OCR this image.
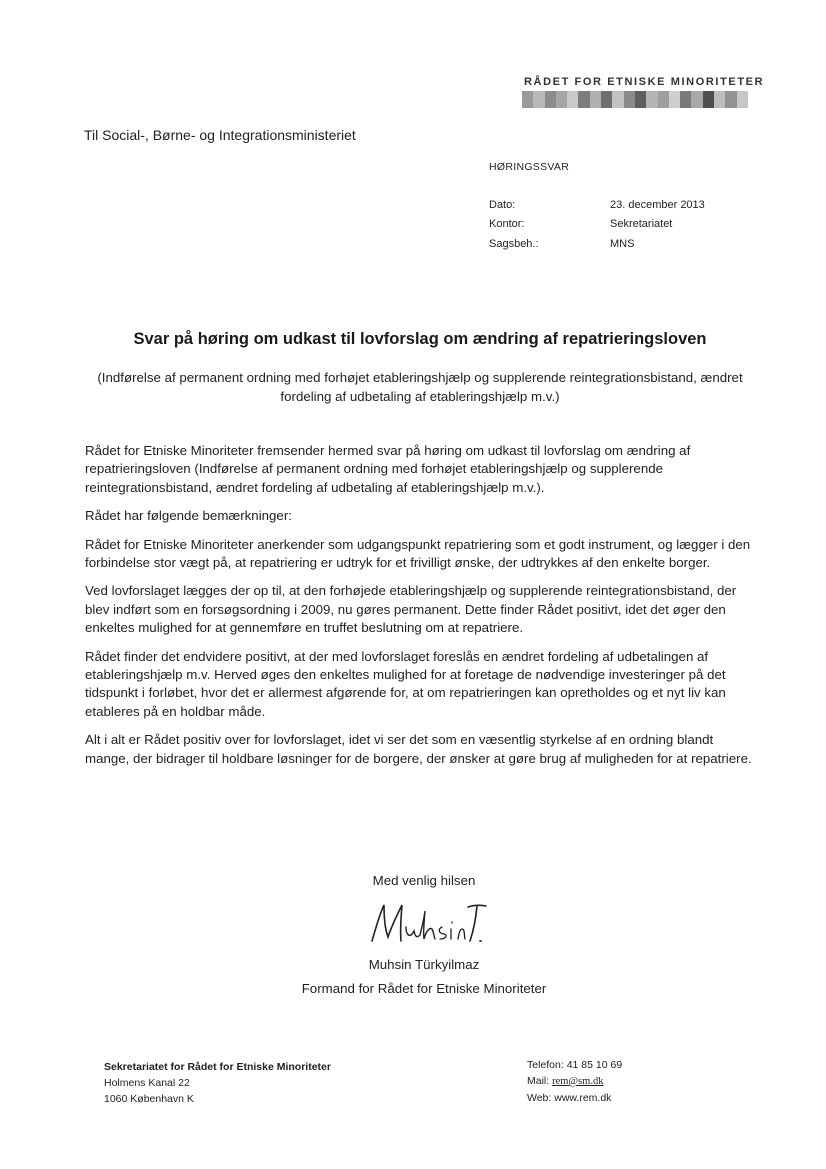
RÅDET FOR ETNISKE MINORITETER
Til Social-, Børne- og Integrationsministeriet
HØRINGSSVAR
Dato:	23. december 2013
Kontor:	Sekretariatet
Sagsbeh.:	MNS
Svar på høring om udkast til lovforslag om ændring af repatrieringsloven
(Indførelse af permanent ordning med forhøjet etableringshjælp og supplerende reintegrationsbistand, ændret fordeling af udbetaling af etableringshjælp m.v.)

Rådet for Etniske Minoriteter fremsender hermed svar på høring om udkast til lovforslag om ændring af repatrieringsloven (Indførelse af permanent ordning med forhøjet etableringshjælp og supplerende reintegrationsbistand, ændret fordeling af udbetaling af etableringshjælp m.v.).

Rådet har følgende bemærkninger:

Rådet for Etniske Minoriteter anerkender som udgangspunkt repatriering som et godt instrument, og lægger i den forbindelse stor vægt på, at repatriering er udtryk for et frivilligt ønske, der udtrykkes af den enkelte borger.

Ved lovforslaget lægges der op til, at den forhøjede etableringshjælp og supplerende reintegrationsbistand, der blev indført som en forsøgsordning i 2009, nu gøres permanent. Dette finder Rådet positivt, idet det øger den enkeltes mulighed for at gennemføre en truffet beslutning om at repatriere.

Rådet finder det endvidere positivt, at der med lovforslaget foreslås en ændret fordeling af udbetalingen af etableringshjælp m.v. Herved øges den enkeltes mulighed for at foretage de nødvendige investeringer på det tidspunkt i forløbet, hvor det er allermest afgørende for, at om repatrieringen kan opretholdes og et nyt liv kan etableres på en holdbar måde.

Alt i alt er Rådet positiv over for lovforslaget, idet vi ser det som en væsentlig styrkelse af en ordning blandt mange, der bidrager til holdbare løsninger for de borgere, der ønsker at gøre brug af muligheden for at repatriere.

Med venlig hilsen
Muhsin Türkyilmaz
Formand for Rådet for Etniske Minoriteter
Sekretariatet for Rådet for Etniske Minoriteter
Holmens Kanal 22
1060 København K
Telefon: 41 85 10 69
Mail: rem@sm.dk
Web: www.rem.dk
